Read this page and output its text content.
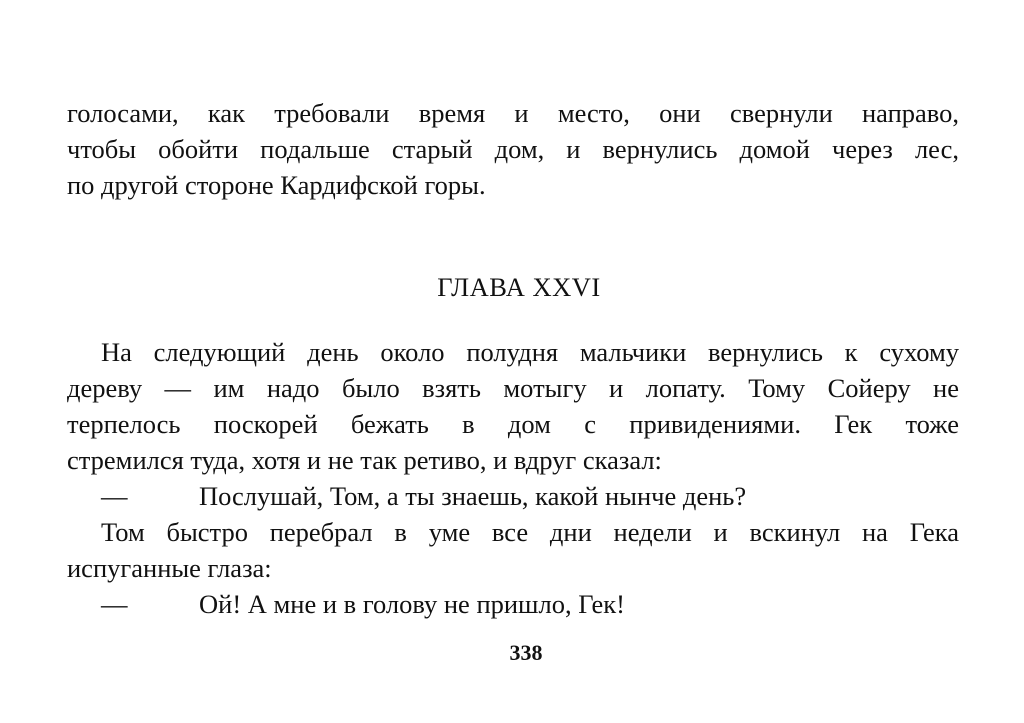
голосами, как требовали время и место, они свернули направо,
чтобы обойти подальше старый дом, и вернулись домой через лес,
по другой стороне Кардифской горы.
ГЛАВА XXVI
На следующий день около полудня мальчики вернулись к сухому
дереву — им надо было взять мотыгу и лопату. Тому Сойеру не
терпелось поскорей бежать в дом с привидениями. Гек тоже
стремился туда, хотя и не так ретиво, и вдруг сказал:
—	Послушай, Том, а ты знаешь, какой нынче день?
Том быстро перебрал в уме все дни недели и вскинул на Гека
испуганные глаза:
—	Ой! А мне и в голову не пришло, Гек!
338
